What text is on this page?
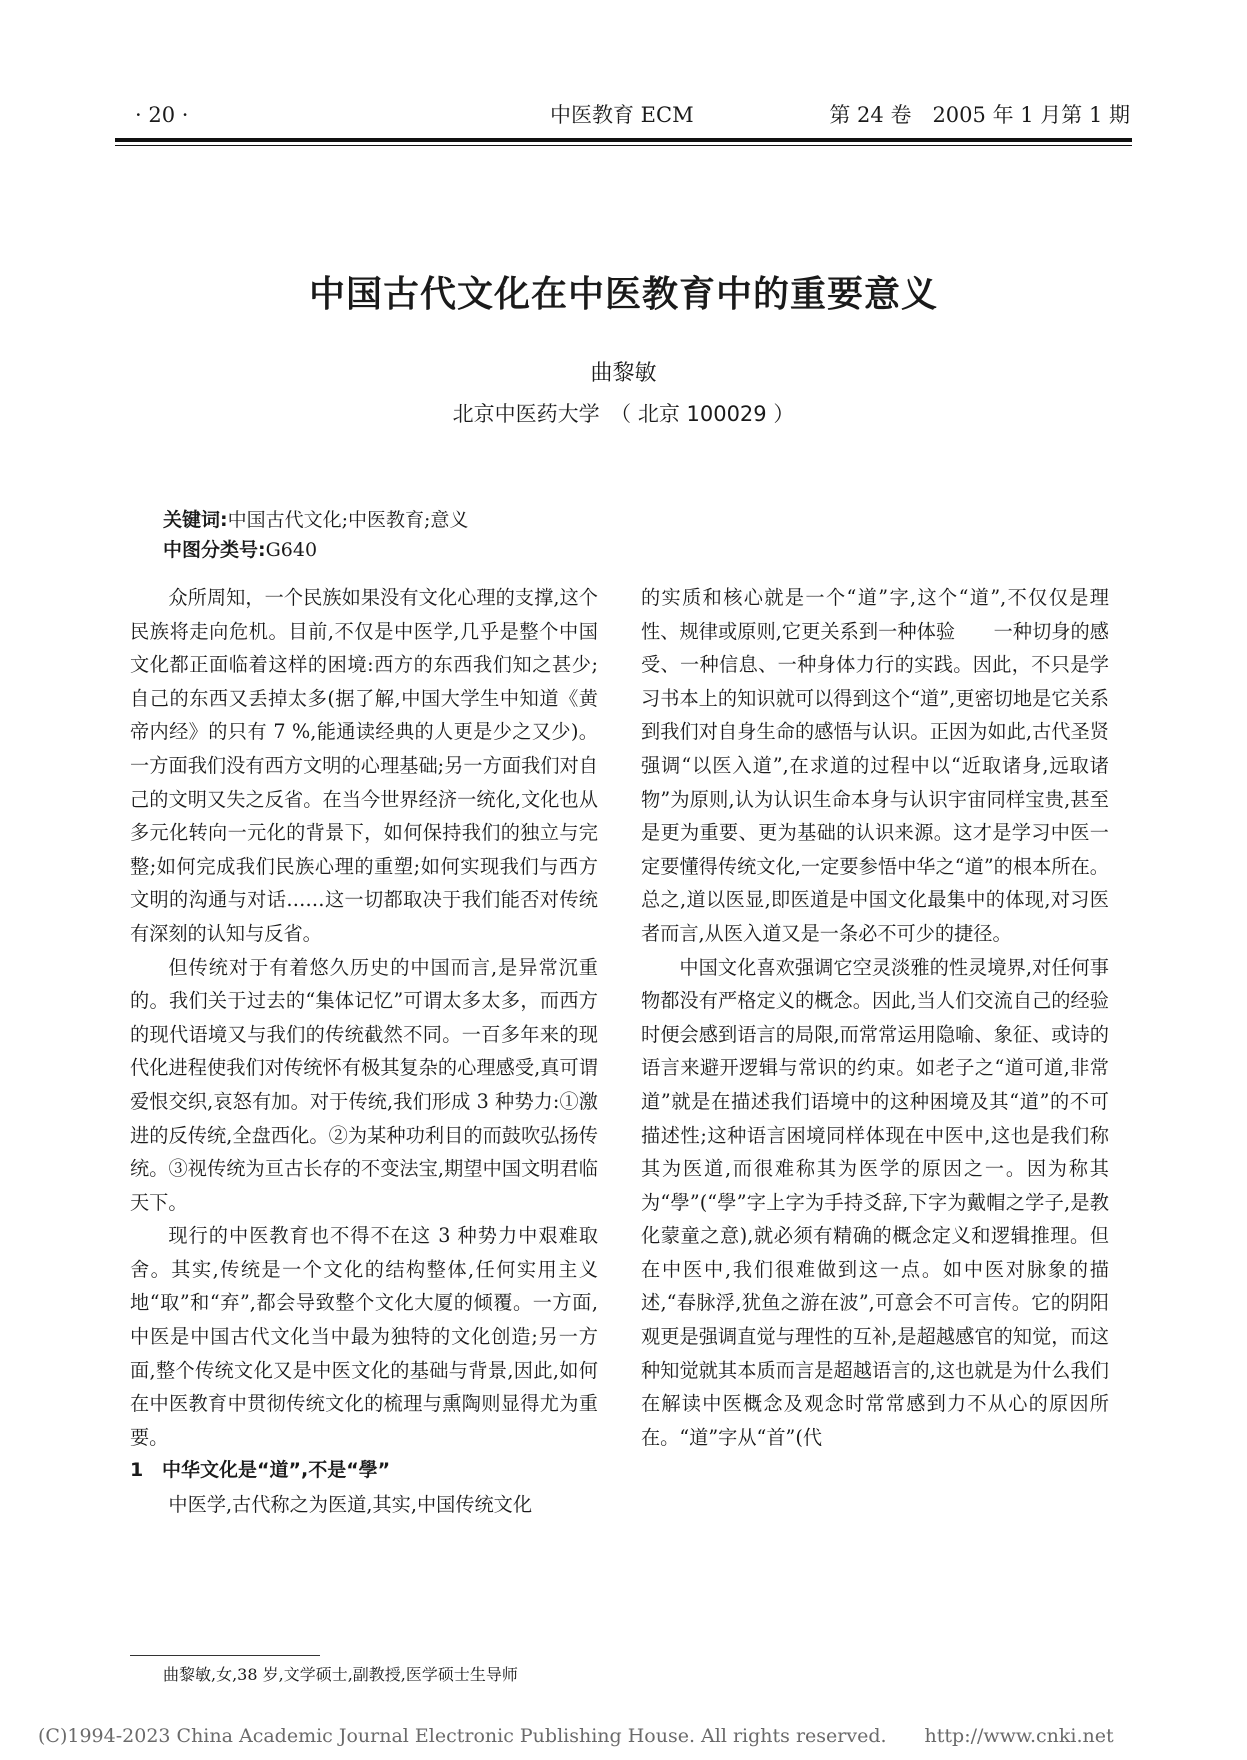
· 20 ·	中医教育 ECM	第 24 卷　2005 年 1 月第 1 期
中国古代文化在中医教育中的重要意义
曲黎敏
北京中医药大学　（ 北京 100029 ）
关键词:中国古代文化;中医教育;意义
中图分类号:G640

众所周知，一个民族如果没有文化心理的支撑,这个民族将走向危机。目前,不仅是中医学,几乎是整个中国文化都正面临着这样的困境:西方的东西我们知之甚少;自己的东西又丢掉太多(据了解,中国大学生中知道《黄帝内经》的只有 7 %,能通读经典的人更是少之又少)。一方面我们没有西方文明的心理基础;另一方面我们对自己的文明又失之反省。在当今世界经济一统化,文化也从多元化转向一元化的背景下，如何保持我们的独立与完整;如何完成我们民族心理的重塑;如何实现我们与西方文明的沟通与对话……这一切都取决于我们能否对传统有深刻的认知与反省。

但传统对于有着悠久历史的中国而言,是异常沉重的。我们关于过去的“集体记忆”可谓太多太多，而西方的现代语境又与我们的传统截然不同。一百多年来的现代化进程使我们对传统怀有极其复杂的心理感受,真可谓爱恨交织,哀怒有加。对于传统,我们形成 3 种势力:①激进的反传统,全盘西化。②为某种功利目的而鼓吹弘扬传统。③视传统为亘古长存的不变法宝,期望中国文明君临天下。

现行的中医教育也不得不在这 3 种势力中艰难取舍。其实,传统是一个文化的结构整体,任何实用主义地“取”和“弃”,都会导致整个文化大厦的倾覆。一方面,中医是中国古代文化当中最为独特的文化创造;另一方面,整个传统文化又是中医文化的基础与背景,因此,如何在中医教育中贯彻传统文化的梳理与熏陶则显得尤为重要。

1 中华文化是“道”,不是“學”

中医学,古代称之为医道,其实,中国传统文化

的实质和核心就是一个“道”字,这个“道”,不仅仅是理性、规律或原则,它更关系到一种体验　　一种切身的感受、一种信息、一种身体力行的实践。因此，不只是学习书本上的知识就可以得到这个“道”,更密切地是它关系到我们对自身生命的感悟与认识。正因为如此,古代圣贤强调“以医入道”,在求道的过程中以“近取诸身,远取诸物”为原则,认为认识生命本身与认识宇宙同样宝贵,甚至是更为重要、更为基础的认识来源。这才是学习中医一定要懂得传统文化,一定要参悟中华之“道”的根本所在。总之,道以医显,即医道是中国文化最集中的体现,对习医者而言,从医入道又是一条必不可少的捷径。

中国文化喜欢强调它空灵淡雅的性灵境界,对任何事物都没有严格定义的概念。因此,当人们交流自己的经验时便会感到语言的局限,而常常运用隐喻、象征、或诗的语言来避开逻辑与常识的约束。如老子之“道可道,非常道”就是在描述我们语境中的这种困境及其“道”的不可描述性;这种语言困境同样体现在中医中,这也是我们称其为医道,而很难称其为医学的原因之一。因为称其为“學”(“學”字上字为手持爻辞,下字为戴帽之学子,是教化蒙童之意),就必须有精确的概念定义和逻辑推理。但在中医中,我们很难做到这一点。如中医对脉象的描述,“春脉浮,犹鱼之游在波”,可意会不可言传。它的阴阳观更是强调直觉与理性的互补,是超越感官的知觉，而这种知觉就其本质而言是超越语言的,这也就是为什么我们在解读中医概念及观念时常常感到力不从心的原因所在。“道”字从“首”(代

曲黎敏,女,38 岁,文学硕士,副教授,医学硕士生导师
(C)1994-2023 China Academic Journal Electronic Publishing House. All rights reserved.　　http://www.cnki.net
